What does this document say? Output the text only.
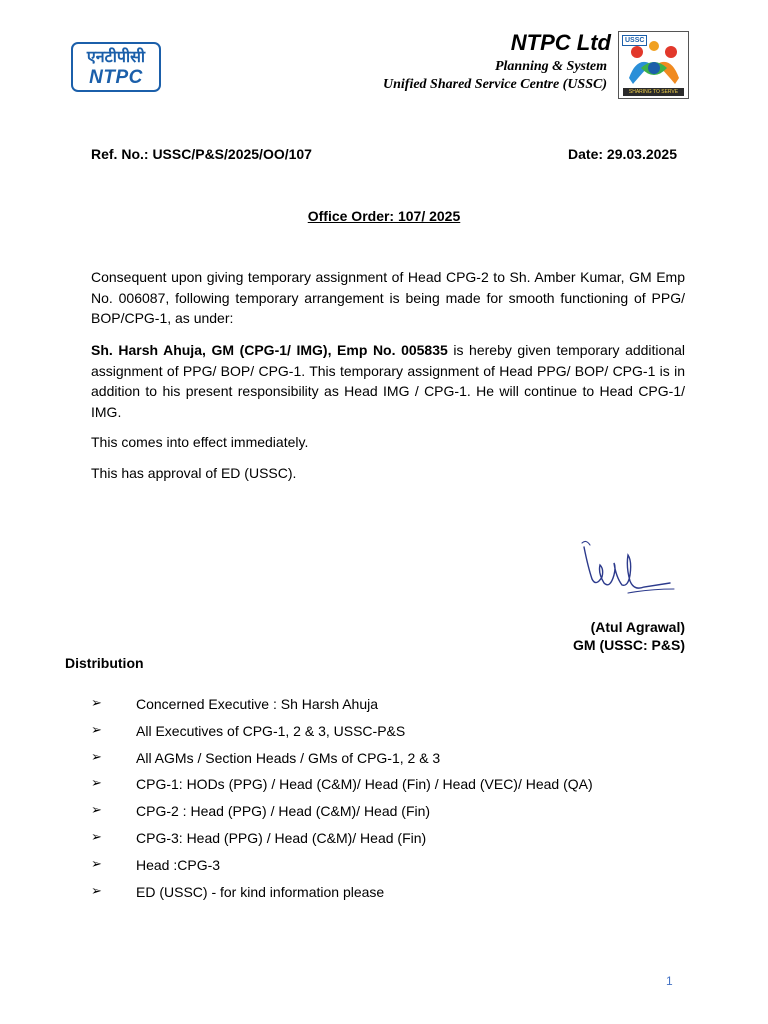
एनटीपीसी
NTPC
NTPC Ltd
Planning & System
Unified Shared Service Centre (USSC)
USSC
SHARING TO SERVE
Ref. No.: USSC/P&S/2025/OO/107	Date: 29.03.2025
Office Order: 107/ 2025

Consequent upon giving temporary assignment of Head CPG-2 to Sh. Amber Kumar, GM Emp No. 006087, following temporary arrangement is being made for smooth functioning of PPG/ BOP/CPG-1, as under:

Sh. Harsh Ahuja, GM (CPG-1/ IMG), Emp No. 005835 is hereby given temporary additional assignment of PPG/ BOP/ CPG-1. This temporary assignment of Head PPG/ BOP/ CPG-1 is in addition to his present responsibility as Head IMG / CPG-1. He will continue to Head CPG-1/ IMG.

This comes into effect immediately.

This has approval of ED (USSC).

(Atul Agrawal)
GM (USSC: P&S)
Distribution
➢ Concerned Executive : Sh Harsh Ahuja
➢ All Executives of CPG-1, 2 & 3, USSC-P&S
➢ All AGMs / Section Heads / GMs of CPG-1, 2 & 3
➢ CPG-1: HODs (PPG) / Head (C&M)/ Head (Fin) / Head (VEC)/ Head (QA)
➢ CPG-2 : Head (PPG) / Head (C&M)/ Head (Fin)
➢ CPG-3: Head (PPG) / Head (C&M)/ Head (Fin)
➢ Head :CPG-3
➢ ED (USSC) - for kind information please
1
